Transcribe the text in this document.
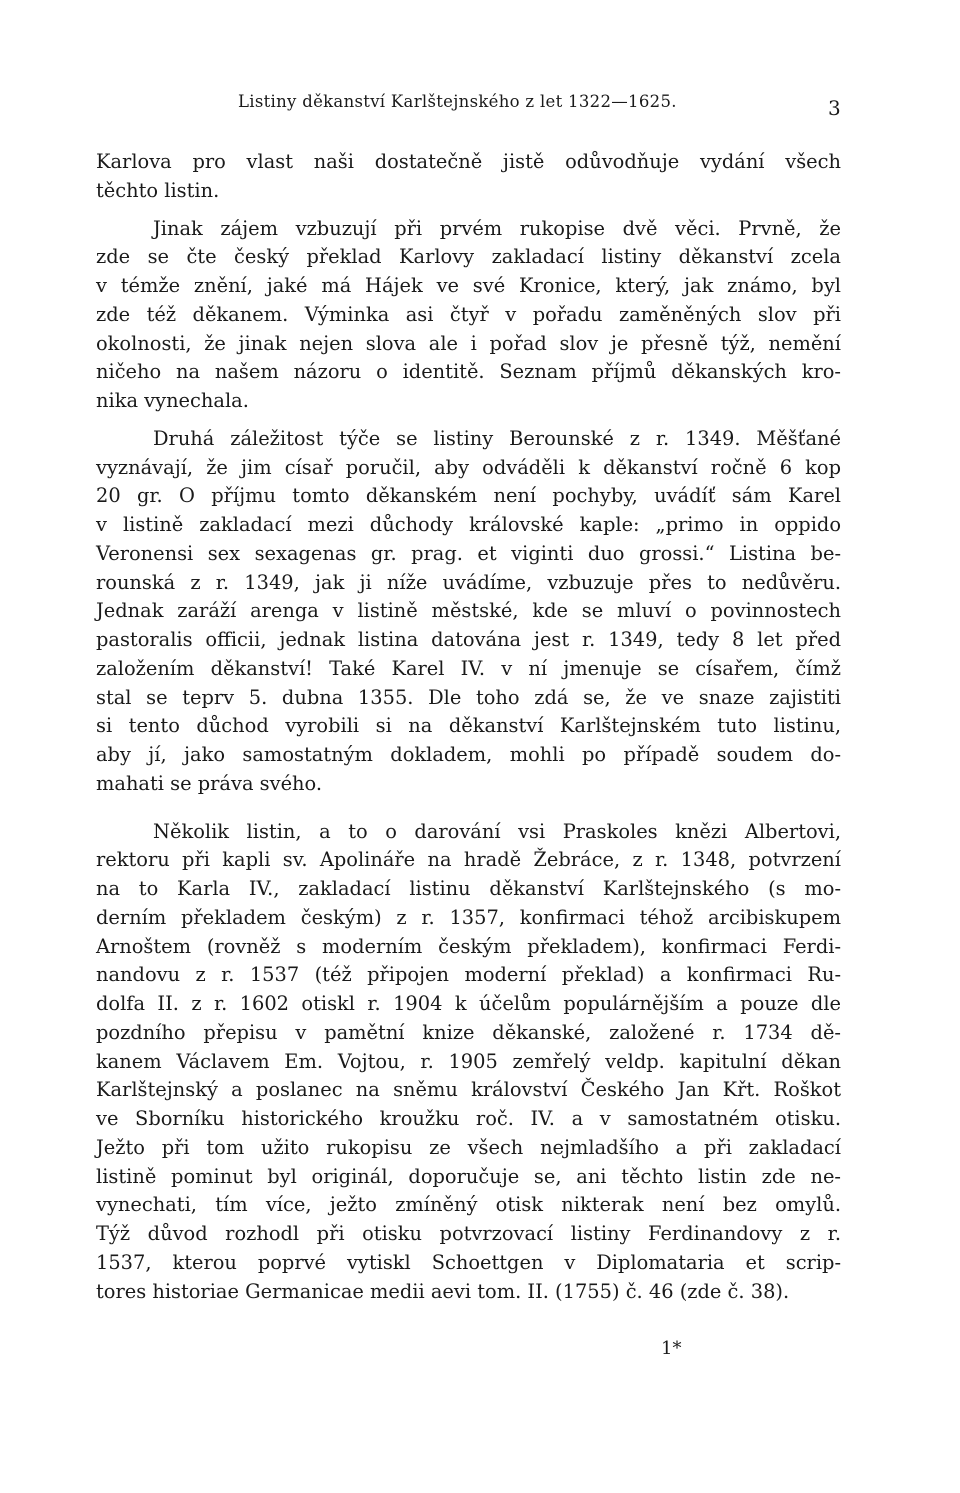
Listiny děkanství Karlštejnského z let 1322—1625.	3
Karlova pro vlast naši dostatečně jistě odůvodňuje vydání všech
těchto listin.
Jinak zájem vzbuzují při prvém rukopise dvě věci. Prvně, že
zde se čte český překlad Karlovy zakladací listiny děkanství zcela
v témže znění, jaké má Hájek ve své Kronice, který, jak známo, byl
zde též děkanem. Výminka asi čtyř v pořadu zaměněných slov při
okolnosti, že jinak nejen slova ale i pořad slov je přesně týž, nemění
ničeho na našem názoru o identitě. Seznam příjmů děkanských kro-
nika vynechala.
Druhá záležitost týče se listiny Berounské z r. 1349. Měšťané
vyznávají, že jim císař poručil, aby odváděli k děkanství ročně 6 kop
20 gr. O příjmu tomto děkanském není pochyby, uvádíť sám Karel
v listině zakladací mezi důchody královské kaple: „primo in oppido
Veronensi sex sexagenas gr. prag. et viginti duo grossi.“ Listina be-
rounská z r. 1349, jak ji níže uvádíme, vzbuzuje přes to nedůvěru.
Jednak zaráží arenga v listině městské, kde se mluví o povinnostech
pastoralis officii, jednak listina datována jest r. 1349, tedy 8 let před
založením děkanství! Také Karel IV. v ní jmenuje se císařem, čímž
stal se teprv 5. dubna 1355. Dle toho zdá se, že ve snaze zajistiti
si tento důchod vyrobili si na děkanství Karlštejnském tuto listinu,
aby jí, jako samostatným dokladem, mohli po případě soudem do-
mahati se práva svého.
Několik listin, a to o darování vsi Praskoles knězi Albertovi,
rektoru při kapli sv. Apolináře na hradě Žebráce, z r. 1348, potvrzení
na to Karla IV., zakladací listinu děkanství Karlštejnského (s mo-
derním překladem českým) z r. 1357, konfirmaci téhož arcibiskupem
Arnoštem (rovněž s moderním českým překladem), konfirmaci Ferdi-
nandovu z r. 1537 (též připojen moderní překlad) a konfirmaci Ru-
dolfa II. z r. 1602 otiskl r. 1904 k účelům populárnějším a pouze dle
pozdního přepisu v pamětní knize děkanské, založené r. 1734 dě-
kanem Václavem Em. Vojtou, r. 1905 zemřelý veldp. kapitulní děkan
Karlštejnský a poslanec na sněmu království Českého Jan Křt. Roškot
ve Sborníku historického kroužku roč. IV. a v samostatném otisku.
Ježto při tom užito rukopisu ze všech nejmladšího a při zakladací
listině pominut byl originál, doporučuje se, ani těchto listin zde ne-
vynechati, tím více, ježto zmíněný otisk nikterak není bez omylů.
Týž důvod rozhodl při otisku potvrzovací listiny Ferdinandovy z r.
1537, kterou poprvé vytiskl Schoettgen v Diplomataria et scrip-
tores historiae Germanicae medii aevi tom. II. (1755) č. 46 (zde č. 38).
1*
